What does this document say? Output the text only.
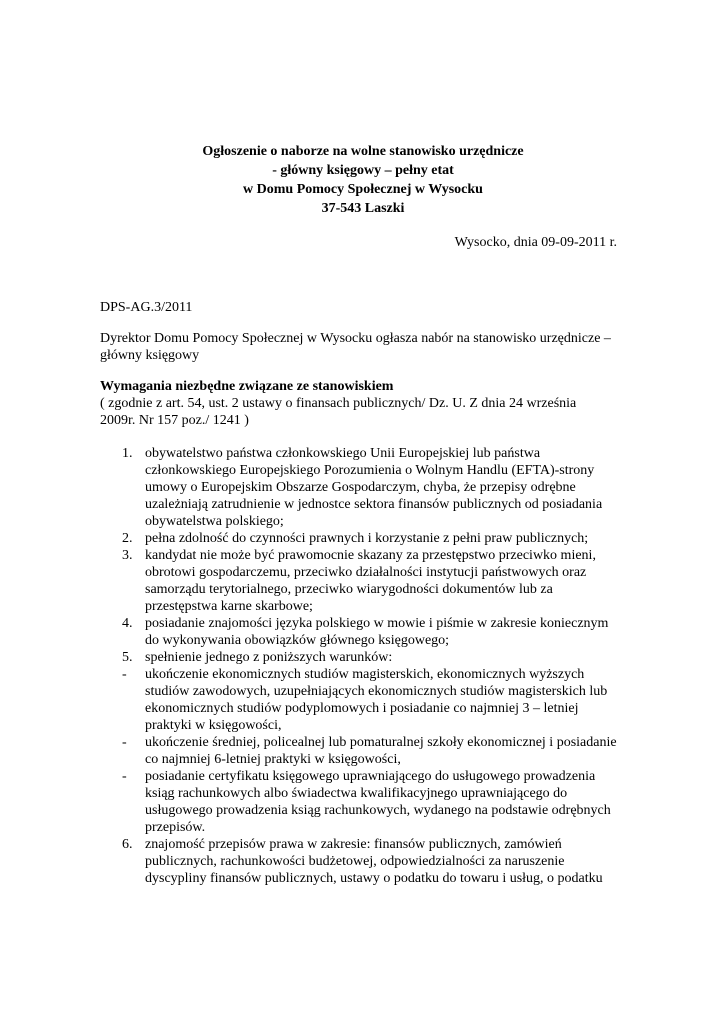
Ogłoszenie o naborze na wolne stanowisko urzędnicze
- główny księgowy – pełny etat
w Domu Pomocy Społecznej w Wysocku
37-543 Laszki
Wysocko, dnia 09-09-2011 r.
DPS-AG.3/2011
Dyrektor Domu Pomocy Społecznej w Wysocku ogłasza nabór na stanowisko urzędnicze –
główny księgowy
Wymagania niezbędne związane ze stanowiskiem
( zgodnie z art. 54, ust. 2 ustawy o finansach publicznych/ Dz. U. Z dnia 24 września
2009r. Nr 157 poz./ 1241 )
1. obywatelstwo państwa członkowskiego Unii Europejskiej lub państwa
członkowskiego Europejskiego Porozumienia o Wolnym Handlu (EFTA)-strony
umowy o Europejskim Obszarze Gospodarczym, chyba, że przepisy odrębne
uzależniają zatrudnienie w jednostce sektora finansów publicznych od posiadania
obywatelstwa polskiego;
2. pełna zdolność do czynności prawnych i korzystanie z pełni praw publicznych;
3. kandydat nie może być prawomocnie skazany za przestępstwo przeciwko mieni,
obrotowi gospodarczemu, przeciwko działalności instytucji państwowych oraz
samorządu terytorialnego, przeciwko wiarygodności dokumentów lub za
przestępstwa karne skarbowe;
4. posiadanie znajomości języka polskiego w mowie i piśmie w zakresie koniecznym
do wykonywania obowiązków głównego księgowego;
5. spełnienie jednego z poniższych warunków:
- ukończenie ekonomicznych studiów magisterskich, ekonomicznych wyższych
studiów zawodowych, uzupełniających ekonomicznych studiów magisterskich lub
ekonomicznych studiów podyplomowych i posiadanie co najmniej 3 – letniej
praktyki w księgowości,
- ukończenie średniej, policealnej lub pomaturalnej szkoły ekonomicznej i posiadanie
co najmniej 6-letniej praktyki w księgowości,
- posiadanie certyfikatu księgowego uprawniającego do usługowego prowadzenia
ksiąg rachunkowych albo świadectwa kwalifikacyjnego uprawniającego do
usługowego prowadzenia ksiąg rachunkowych, wydanego na podstawie odrębnych
przepisów.
6. znajomość przepisów prawa w zakresie: finansów publicznych, zamówień
publicznych, rachunkowości budżetowej, odpowiedzialności za naruszenie
dyscypliny finansów publicznych, ustawy o podatku do towaru i usług, o podatku
